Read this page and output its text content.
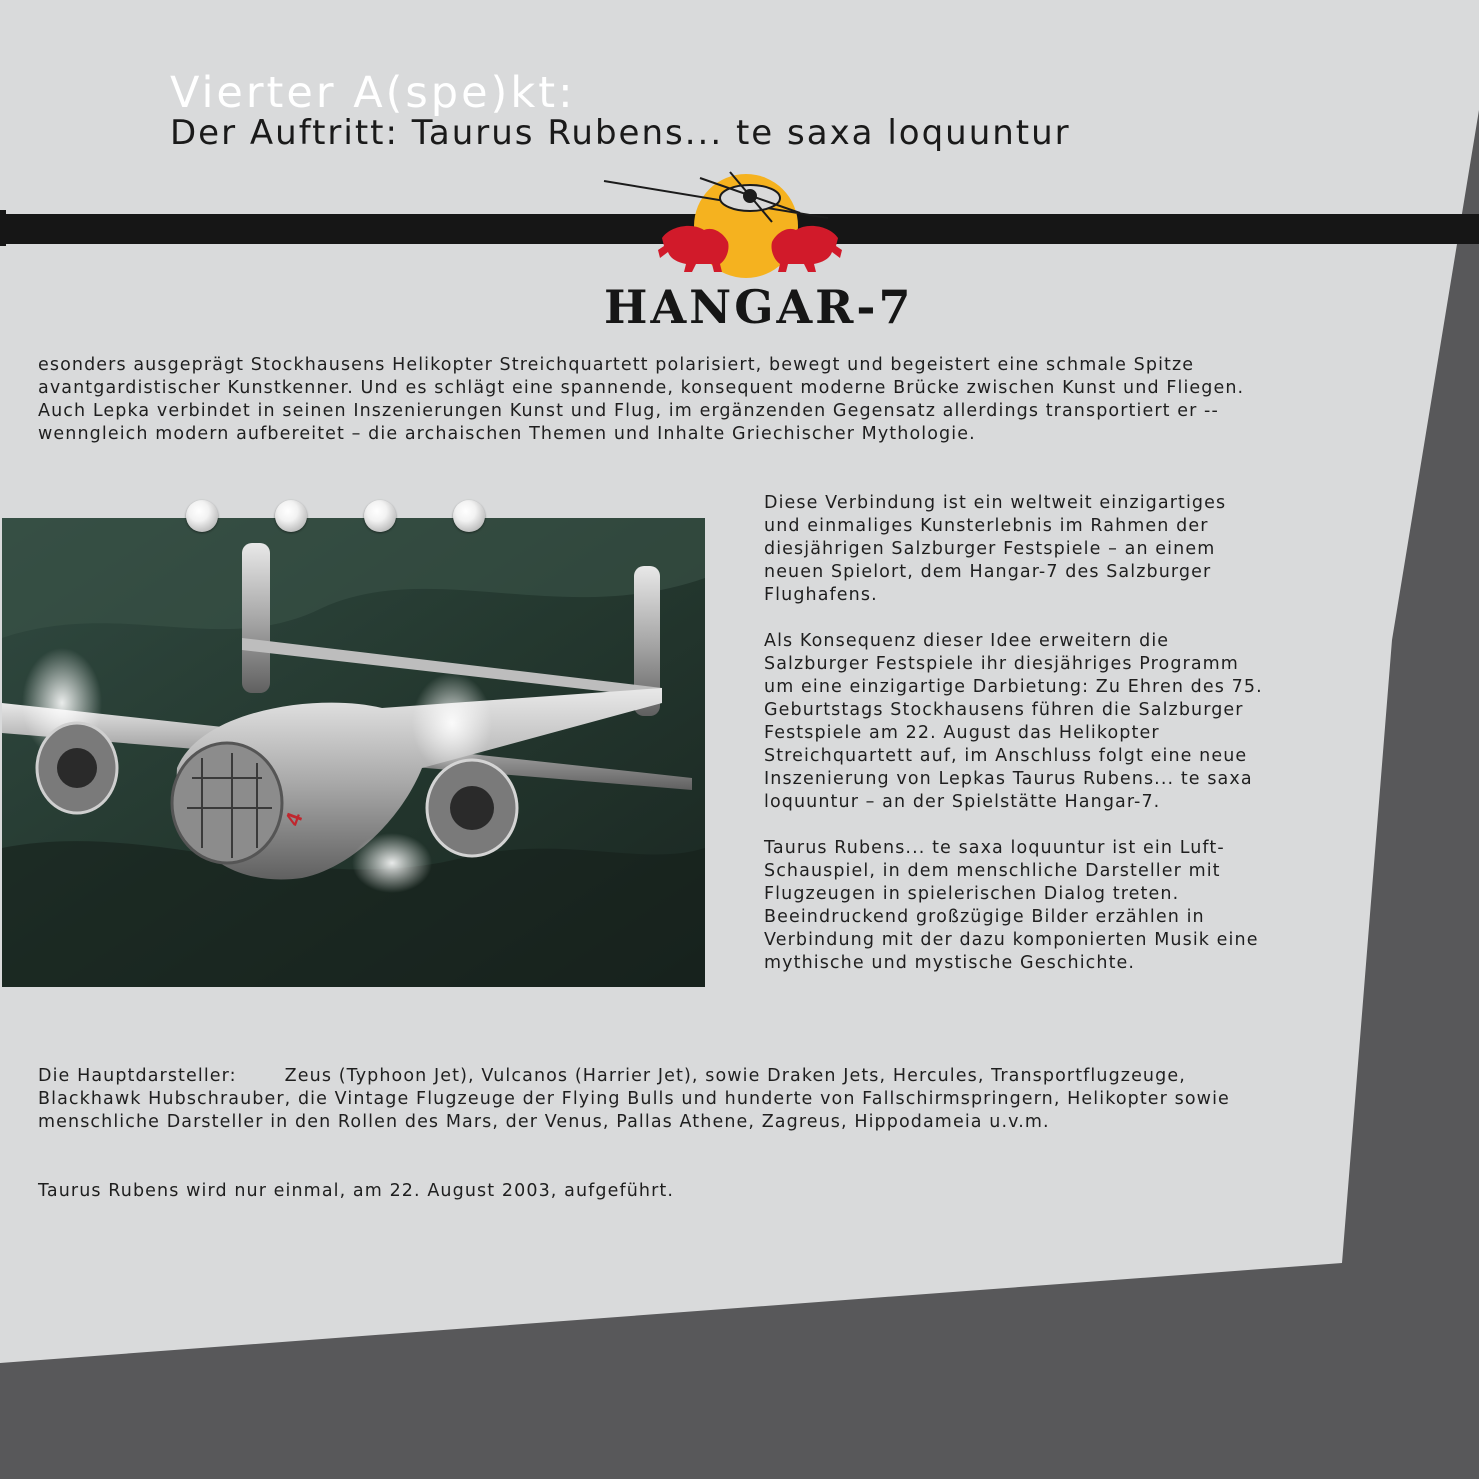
Vierter A(spe)kt:
Der Auftritt: Taurus Rubens... te saxa loquuntur
HANGAR-7

esonders ausgeprägt Stockhausens Helikopter Streichquartett polarisiert, bewegt und begeistert eine schmale Spitze avantgardistischer Kunstkenner. Und es schlägt eine spannende, konsequent moderne Brücke zwischen Kunst und Fliegen. Auch Lepka verbindet in seinen Inszenierungen Kunst und Flug, im ergänzenden Gegensatz allerdings transportiert er -- wenngleich modern aufbereitet – die archaischen Themen und Inhalte Griechischer Mythologie.

4

Diese Verbindung ist ein weltweit einzigartiges und einmaliges Kunsterlebnis im Rahmen der diesjährigen Salzburger Festspiele – an einem neuen Spielort, dem Hangar-7 des Salzburger Flughafens.

Als Konsequenz dieser Idee erweitern die Salzburger Festspiele ihr diesjähriges Programm um eine einzigartige Darbietung: Zu Ehren des 75. Geburtstags Stockhausens führen die Salzburger Festspiele am 22. August das Helikopter Streichquartett auf, im Anschluss folgt eine neue Inszenierung von Lepkas Taurus Rubens... te saxa loquuntur – an der Spielstätte Hangar-7.

Taurus Rubens... te saxa loquuntur ist ein Luft-Schauspiel, in dem menschliche Darsteller mit Flugzeugen in spielerischen Dialog treten. Beeindruckend großzügige Bilder erzählen in Verbindung mit der dazu komponierten Musik eine mythische und mystische Geschichte.

Die Hauptdarsteller:	Zeus (Typhoon Jet), Vulcanos (Harrier Jet), sowie Draken Jets, Hercules, Transportflugzeuge, Blackhawk Hubschrauber, die Vintage Flugzeuge der Flying Bulls und hunderte von Fallschirmspringern, Helikopter sowie menschliche Darsteller in den Rollen des Mars, der Venus, Pallas Athene, Zagreus, Hippodameia u.v.m.

Taurus Rubens wird nur einmal, am 22. August 2003, aufgeführt.
